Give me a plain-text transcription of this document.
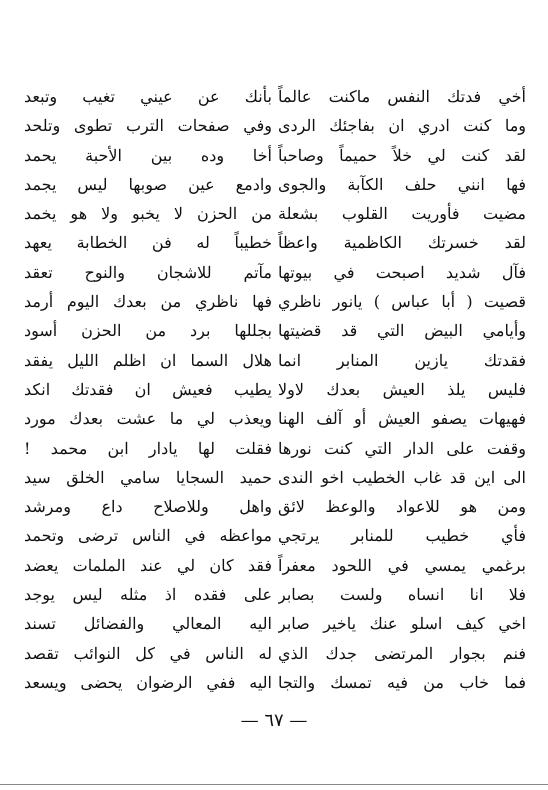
أخي فدتك النفس ماكنت عالماً
وما كنت ادري ان بفاجئك الردى
لقد كنت لي خلاً حميماً وصاحباً
فها انني حلف الكآبة والجوى
مضيت فأوريت القلوب بشعلة
لقد خسرتك الكاظمية واعظاً
فآل شديد اصبحت في بيوتها
قصيت ( أبا عباس ) يانور ناظري
وأيامي البيض التي قد قضيتها
فقدتك يازين المنابر انما
فليس يلذ العيش بعدك لاولا
فهيهات يصفو العيش أو آلف الهنا
وقفت على الدار التي كنت نورها
الى اين قد غاب الخطيب اخو الندى
ومن هو للاعواد والوعظ لائق
فأي خطيب للمنابر يرتجي
برغمي يمسي في اللحود معفراً
فلا انا انساه ولست بصابر
اخي كيف اسلو عنك ياخير صابر
فنم بجوار المرتضى جدك الذي
فما خاب من فيه تمسك والتجا
بأنك عن عيني تغيب وتبعد
وفي صفحات الترب تطوى وتلحد
أخا وده بين الأحبة يحمد
وادمع عين صوبها ليس يجمد
من الحزن لا يخبو ولا هو يخمد
خطيباً له فن الخطابة يعهد
مآتم للاشجان والنوح تعقد
فها ناظري من بعدك اليوم أرمد
بجللها برد من الحزن أسود
هلال السما ان اظلم الليل يفقد
يطيب فعيش ان فقدتك انكد
ويعذب لي ما عشت بعدك مورد
فقلت لها يادار ابن محمد !
حميد السجايا سامي الخلق سيد
واهل وللاصلاح داع ومرشد
مواعظه في الناس ترضى وتحمد
فقد كان لي عند الملمات يعضد
على فقده اذ مثله ليس يوجد
اليه المعالي والفضائل تسند
له الناس في كل النوائب تقصد
اليه ففي الرضوان يحضى ويسعد
— ٦٧ —
